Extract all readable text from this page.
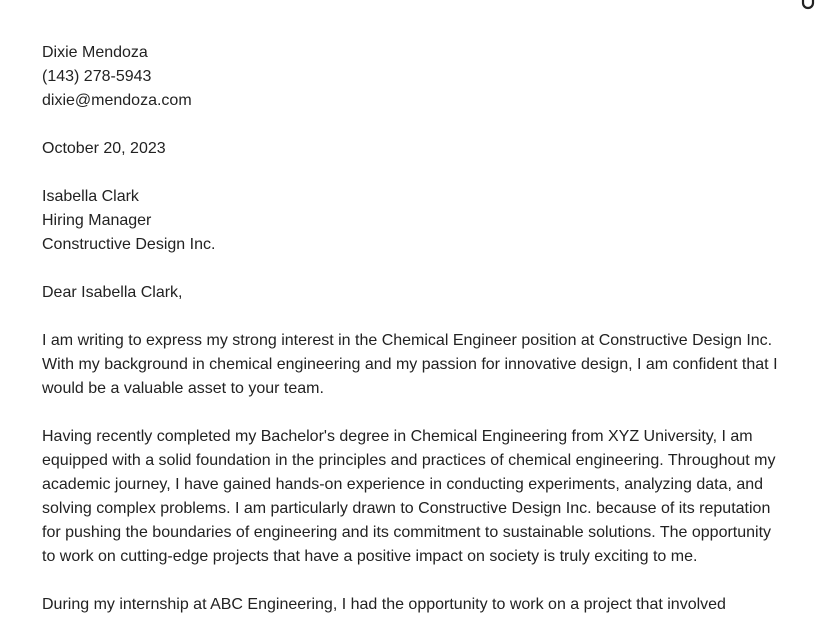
Dixie Mendoza
(143) 278-5943
dixie@mendoza.com
October 20, 2023
Isabella Clark
Hiring Manager
Constructive Design Inc.
Dear Isabella Clark,
I am writing to express my strong interest in the Chemical Engineer position at Constructive Design Inc.
With my background in chemical engineering and my passion for innovative design, I am confident that I
would be a valuable asset to your team.
Having recently completed my Bachelor's degree in Chemical Engineering from XYZ University, I am
equipped with a solid foundation in the principles and practices of chemical engineering. Throughout my
academic journey, I have gained hands-on experience in conducting experiments, analyzing data, and
solving complex problems. I am particularly drawn to Constructive Design Inc. because of its reputation
for pushing the boundaries of engineering and its commitment to sustainable solutions. The opportunity
to work on cutting-edge projects that have a positive impact on society is truly exciting to me.
During my internship at ABC Engineering, I had the opportunity to work on a project that involved
